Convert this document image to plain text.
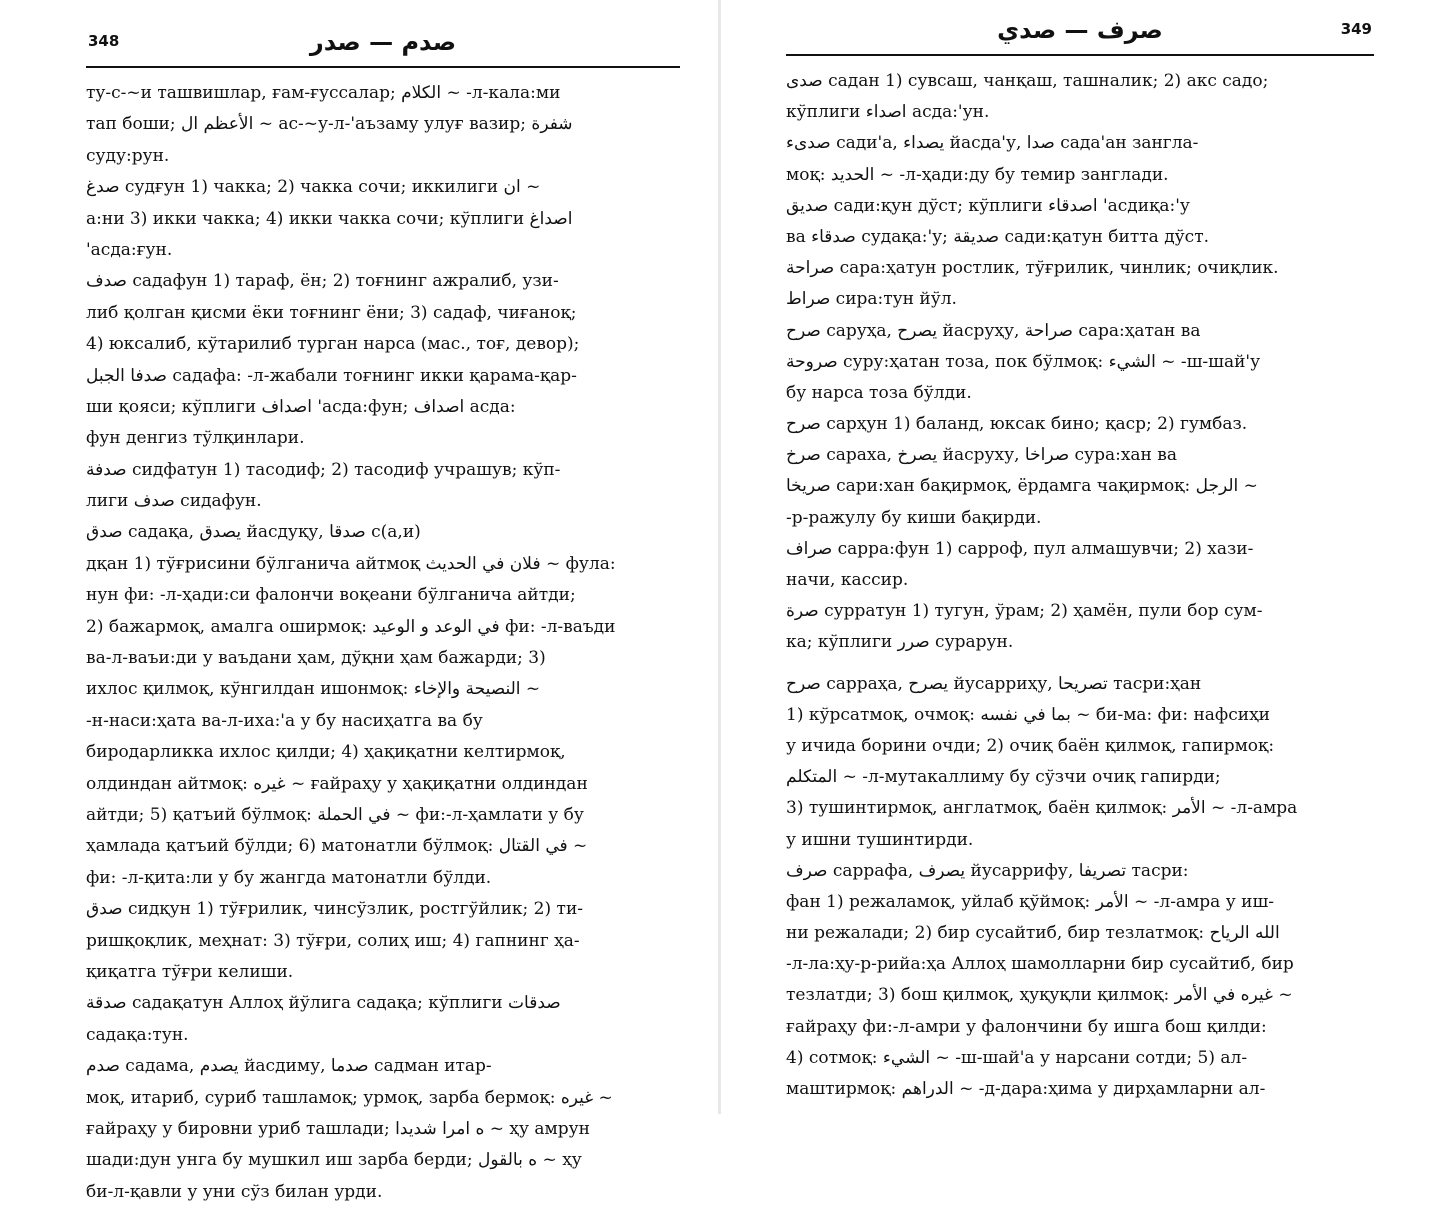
348	صدم — صدر
ту-с-~и ташвишлар, ғам-ғуссалар; الكلام ~ -л-кала:ми
тап боши; الأعظم ال ~ ас-~у-л-'аъзаму улуғ вазир; شفرة
суду:рун.
صدغ судғун 1) чакка; 2) чакка сочи; иккилиги ان ~
а:ни 3) икки чакка; 4) икки чакка сочи; кўплиги اصداغ
'асда:ғун.
صدف садафун 1) тараф, ён; 2) тоғнинг ажралиб, узи-
либ қолган қисми ёки тоғнинг ёни; 3) садаф, чиғаноқ;
4) юксалиб, кўтарилиб турган нарса (мас., тоғ, девор);
صدفا الجبل садафа: -л-жабали тоғнинг икки қарама-қар-
ши қояси; кўплиги اصداف 'асда:фун; اصداف асда:
фун денгиз тўлқинлари.
صدفة сидфатун 1) тасодиф; 2) тасодиф учрашув; кўп-
лиги صدف сидафун.
صدق садақа, يصدق йасдуқу, صدقا с(а,и)
дқан 1) тўғрисини бўлганича айтмоқ فلان في الحديث ~ фула:
нун фи: -л-ҳади:си фалончи воқеани бўлганича айтди;
2) бажармоқ, амалга оширмоқ: في الوعد و الوعيد фи: -л-ваъди
ва-л-ваъи:ди у ваъдани ҳам, дўқни ҳам бажарди; 3)
ихлос қилмоқ, кўнгилдан ишонмоқ: النصيحة والإخاء ~
-н-наси:ҳата ва-л-иха:'а у бу насиҳатга ва бу
биродарликка ихлос қилди; 4) ҳақиқатни келтирмоқ,
олдиндан айтмоқ: غيره ~ ғайраҳу у ҳақиқатни олдиндан
айтди; 5) қатъий бўлмоқ: في الحملة ~ фи:-л-ҳамлати у бу
ҳамлада қатъий бўлди; 6) матонатли бўлмоқ: في القتال ~
фи: -л-қита:ли у бу жангда матонатли бўлди.
صدق сидқун 1) тўғрилик, чинсўзлик, ростгўйлик; 2) ти-
ришқоқлик, меҳнат: 3) тўғри, солиҳ иш; 4) гапнинг ҳа-
қиқатга тўғри келиши.
صدقة садақатун Аллоҳ йўлига садақа; кўплиги صدقات
садақа:тун.
صدم садама, يصدم йасдиму, صدما садман итар-
моқ, итариб, суриб ташламоқ; урмоқ, зарба бермоқ: غيره ~
ғайраҳу у бировни уриб ташлади; ه امرا شديدا ~ ҳу амрун
шади:дун унга бу мушкил иш зарба берди; ه بالقول ~ ҳу
би-л-қавли у уни сўз билан урди.
349
صرف — صدي
صدى садан 1) сувсаш, чанқаш, ташналик; 2) акс садо;
кўплиги اصداء асда:'ун.
صدىء сади'а, يصداء йасда'у, صدا сада'ан занглa-
моқ: الحديد ~ -л-ҳади:ду бу темир занглади.
صديق сади:қун дўст; кўплиги اصدقاء 'асдиқа:'у
ва صدقاء судақа:'у; صديقة сади:қатун битта дўст.
صراحة сара:ҳатун ростлик, тўғрилик, чинлик; очиқлик.
صراط сира:тун йўл.
صرح саруҳа, يصرح йасруҳу, صراحة сара:ҳатан ва
صروحة суру:ҳатан тоза, пок бўлмоқ: الشيء ~ -ш-шай'у
бу нарса тоза бўлди.
صرح сарҳун 1) баланд, юксак бино; қаср; 2) гумбаз.
صرخ сараха, يصرخ йасруху, صراخا сура:хан ва
صريخا сари:хан бақирмоқ, ёрдамга чақирмоқ: الرجل ~
-р-ражулу бу киши бақирди.
صراف сарра:фун 1) сарроф, пул алмашувчи; 2) хази-
начи, кассир.
صرة сурратун 1) тугун, ўрам; 2) ҳамён, пули бор сум-
ка; кўплиги صرر сурарун.
صرح сарраҳа, يصرح йусарриҳу, تصريحا тасри:ҳан
1) кўрсатмоқ, очмоқ: بما في نفسه ~ би-ма: фи: нафсиҳи
у ичида борини очди; 2) очиқ баён қилмоқ, гапирмоқ:
المتكلم ~ -л-мутакаллиму бу сўзчи очиқ гапирди;
3) тушинтирмоқ, англатмоқ, баён қилмоқ: الأمر ~ -л-амра
у ишни тушинтирди.
صرف саррафа, يصرف йусаррифу, تصريفا тасри:
фан 1) режаламоқ, уйлаб қўймоқ: الأمر ~ -л-амра у иш-
ни режалади; 2) бир сусайтиб, бир тезлатмоқ: الله الرياح
-л-ла:ҳу-р-рийа:ҳа Аллоҳ шамолларни бир сусайтиб, бир
тезлатди; 3) бош қилмоқ, ҳуқуқли қилмоқ: غيره في الأمر ~
ғайраҳу фи:-л-амри у фалончини бу ишга бош қилди:
4) сотмоқ: الشيء ~ -ш-шай'а у нарсани сотди; 5) ал-
маштирмоқ: الدراهم ~ -д-дара:ҳима у дирҳамларни ал-
